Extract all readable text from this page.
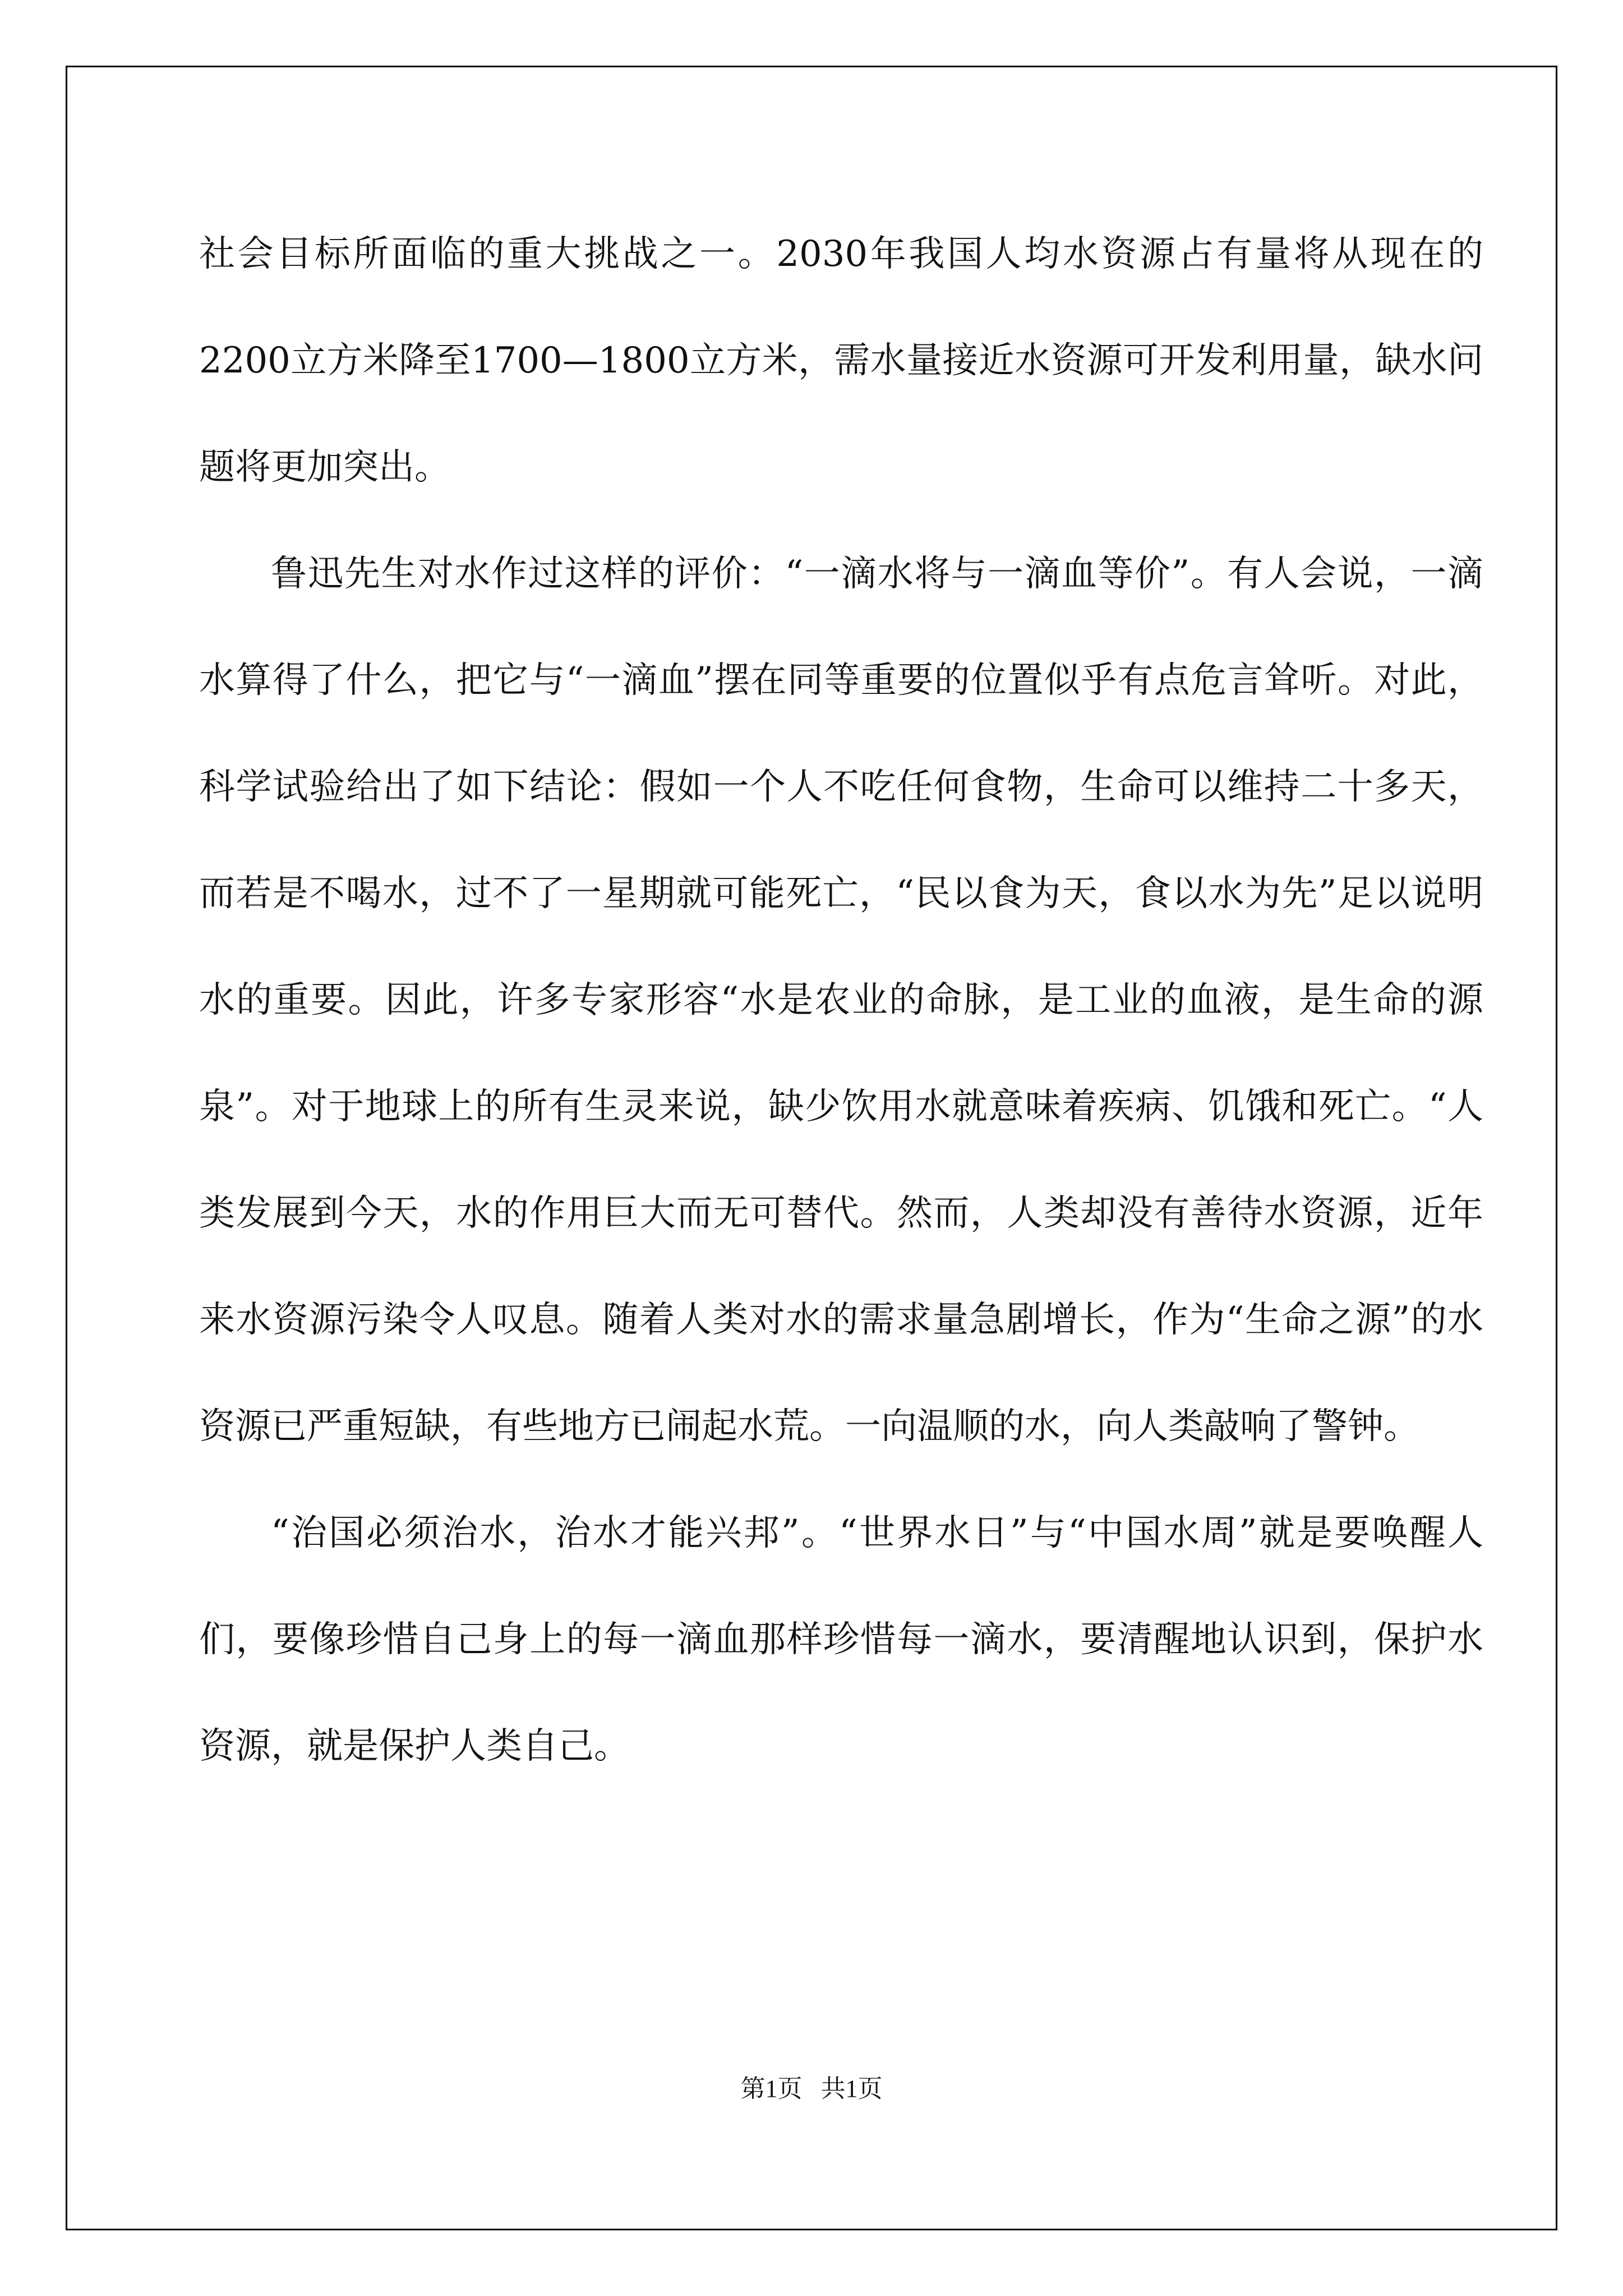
社会目标所面临的重大挑战之一。2030年我国人均水资源占有量将从现在的2200立方米降至1700—1800立方米，需水量接近水资源可开发利用量，缺水问题将更加突出。

鲁迅先生对水作过这样的评价：“一滴水将与一滴血等价”。有人会说，一滴水算得了什么，把它与“一滴血”摆在同等重要的位置似乎有点危言耸听。对此，科学试验给出了如下结论：假如一个人不吃任何食物，生命可以维持二十多天，而若是不喝水，过不了一星期就可能死亡，“民以食为天，食以水为先”足以说明水的重要。因此，许多专家形容“水是农业的命脉，是工业的血液，是生命的源泉”。对于地球上的所有生灵来说，缺少饮用水就意味着疾病、饥饿和死亡。“人类发展到今天，水的作用巨大而无可替代。然而，人类却没有善待水资源，近年来水资源污染令人叹息。随着人类对水的需求量急剧增长，作为“生命之源”的水资源已严重短缺，有些地方已闹起水荒。一向温顺的水，向人类敲响了警钟。

“治国必须治水，治水才能兴邦”。“世界水日”与“中国水周”就是要唤醒人们，要像珍惜自己身上的每一滴血那样珍惜每一滴水，要清醒地认识到，保护水资源，就是保护人类自己。

第1页   共1页
